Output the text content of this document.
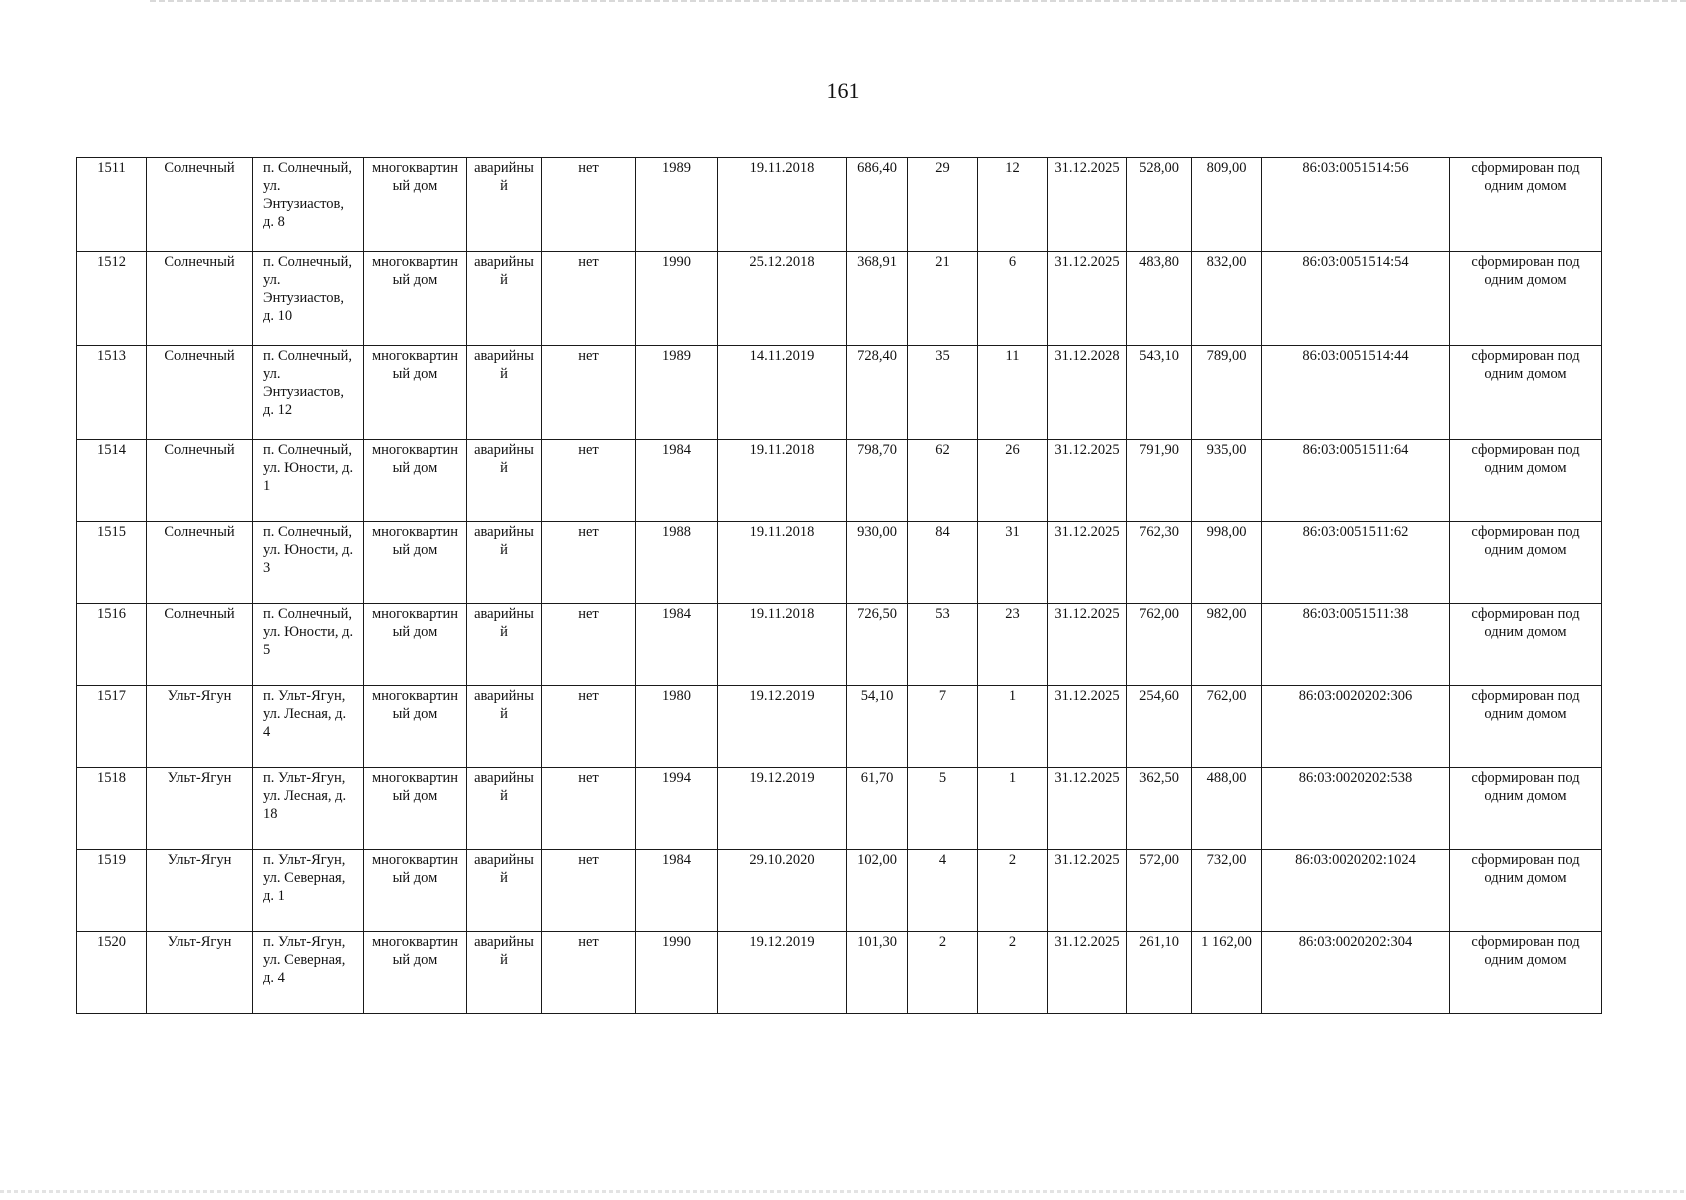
161
1511	Солнечный	п. Солнечный, ул. Энтузиастов, д. 8	многоквартиный дом	аварийный	нет	1989	19.11.2018	686,40	29	12	31.12.2025	528,00	809,00	86:03:0051514:56	сформирован под одним домом
1512	Солнечный	п. Солнечный, ул. Энтузиастов, д. 10	многоквартиный дом	аварийный	нет	1990	25.12.2018	368,91	21	6	31.12.2025	483,80	832,00	86:03:0051514:54	сформирован под одним домом
1513	Солнечный	п. Солнечный, ул. Энтузиастов, д. 12	многоквартиный дом	аварийный	нет	1989	14.11.2019	728,40	35	11	31.12.2028	543,10	789,00	86:03:0051514:44	сформирован под одним домом
1514	Солнечный	п. Солнечный, ул. Юности, д. 1	многоквартиный дом	аварийный	нет	1984	19.11.2018	798,70	62	26	31.12.2025	791,90	935,00	86:03:0051511:64	сформирован под одним домом
1515	Солнечный	п. Солнечный, ул. Юности, д. 3	многоквартиный дом	аварийный	нет	1988	19.11.2018	930,00	84	31	31.12.2025	762,30	998,00	86:03:0051511:62	сформирован под одним домом
1516	Солнечный	п. Солнечный, ул. Юности, д. 5	многоквартиный дом	аварийный	нет	1984	19.11.2018	726,50	53	23	31.12.2025	762,00	982,00	86:03:0051511:38	сформирован под одним домом
1517	Ульт-Ягун	п. Ульт-Ягун, ул. Лесная, д. 4	многоквартиный дом	аварийный	нет	1980	19.12.2019	54,10	7	1	31.12.2025	254,60	762,00	86:03:0020202:306	сформирован под одним домом
1518	Ульт-Ягун	п. Ульт-Ягун, ул. Лесная, д. 18	многоквартиный дом	аварийный	нет	1994	19.12.2019	61,70	5	1	31.12.2025	362,50	488,00	86:03:0020202:538	сформирован под одним домом
1519	Ульт-Ягун	п. Ульт-Ягун, ул. Северная, д. 1	многоквартиный дом	аварийный	нет	1984	29.10.2020	102,00	4	2	31.12.2025	572,00	732,00	86:03:0020202:1024	сформирован под одним домом
1520	Ульт-Ягун	п. Ульт-Ягун, ул. Северная, д. 4	многоквартиный дом	аварийный	нет	1990	19.12.2019	101,30	2	2	31.12.2025	261,10	1 162,00	86:03:0020202:304	сформирован под одним домом
